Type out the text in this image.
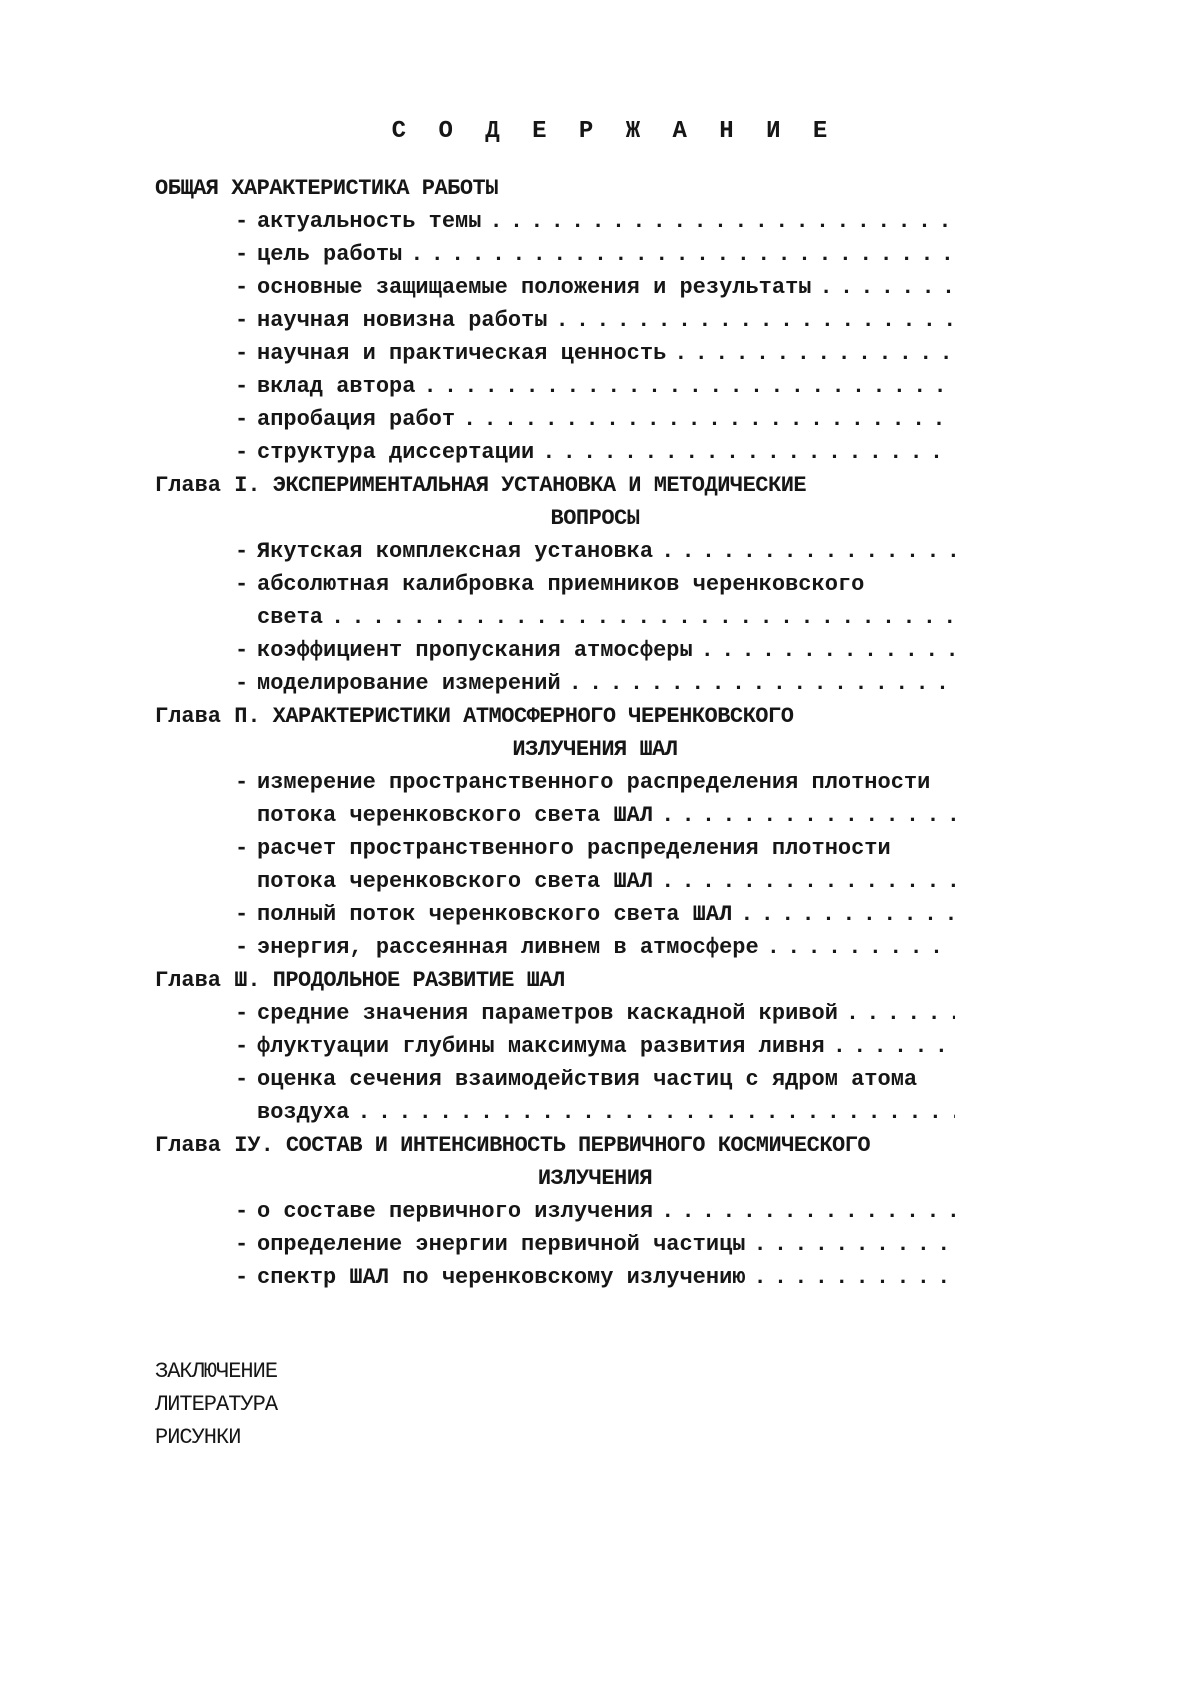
С О Д Е Р Ж А Н И Е
ОБЩАЯ ХАРАКТЕРИСТИКА РАБОТЫ
- актуальность темы
. . .
- цель работы
. . .
- основные защищаемые положения и результаты
. . .
- научная новизна работы
. . .
- научная и практическая ценность
. . .
- вклад автора
. . .
- апробация работ
. . .
- структура диссертации
. . .
Глава I. ЭКСПЕРИМЕНТАЛЬНАЯ УСТАНОВКА И МЕТОДИЧЕСКИЕ
ВОПРОСЫ
- Якутская комплексная установка
. . .
- абсолютная калибровка приемников черенковского
света
. . .
- коэффициент пропускания атмосферы
. . .
- моделирование измерений
. . .
Глава П. ХАРАКТЕРИСТИКИ АТМОСФЕРНОГО ЧЕРЕНКОВСКОГО
ИЗЛУЧЕНИЯ ШАЛ
- измерение пространственного распределения плотности
потока черенковского света ШАЛ
. . .
- расчет пространственного распределения плотности
потока черенковского света ШАЛ
. . .
- полный поток черенковского света ШАЛ
. . .
- энергия, рассеянная ливнем в атмосфере
. . .
Глава Ш. ПРОДОЛЬНОЕ РАЗВИТИЕ ШАЛ
- средние значения параметров каскадной кривой
. . .
- флуктуации глубины максимума развития ливня
. . .
- оценка сечения взаимодействия частиц с ядром атома
воздуха
. . .
Глава IУ. СОСТАВ И ИНТЕНСИВНОСТЬ ПЕРВИЧНОГО КОСМИЧЕСКОГО
ИЗЛУЧЕНИЯ
- о составе первичного излучения
. . .
- определение энергии первичной частицы
. . .
- спектр ШАЛ по черенковскому излучению
. . .
ЗАКЛЮЧЕНИЕ
ЛИТЕРАТУРА
РИСУНКИ
